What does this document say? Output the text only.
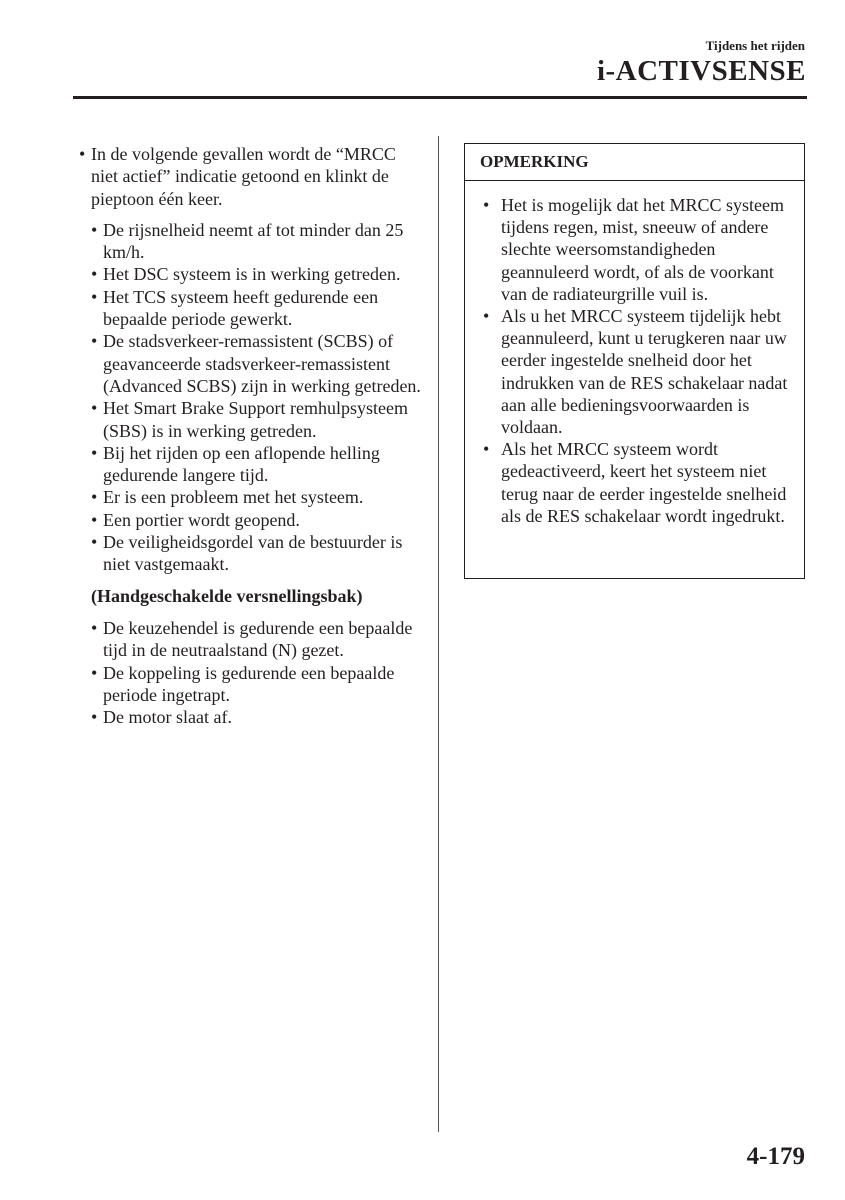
Tijdens het rijden

i-ACTIVSENSE
• In de volgende gevallen wordt de “MRCC niet actief” indicatie getoond en klinkt de pieptoon één keer.
• De rijsnelheid neemt af tot minder dan 25 km/h.
• Het DSC systeem is in werking getreden.
• Het TCS systeem heeft gedurende een bepaalde periode gewerkt.
• De stadsverkeer-remassistent (SCBS) of geavanceerde stadsverkeer-remassistent (Advanced SCBS) zijn in werking getreden.
• Het Smart Brake Support remhulpsysteem (SBS) is in werking getreden.
• Bij het rijden op een aflopende helling gedurende langere tijd.
• Er is een probleem met het systeem.
• Een portier wordt geopend.
• De veiligheidsgordel van de bestuurder is niet vastgemaakt.

(Handgeschakelde versnellingsbak)

• De keuzehendel is gedurende een bepaalde tijd in de neutraalstand (N) gezet.
• De koppeling is gedurende een bepaalde periode ingetrapt.
• De motor slaat af.

OPMERKING

• Het is mogelijk dat het MRCC systeem tijdens regen, mist, sneeuw of andere slechte weersomstandigheden geannuleerd wordt, of als de voorkant van de radiateurgrille vuil is.
• Als u het MRCC systeem tijdelijk hebt geannuleerd, kunt u terugkeren naar uw eerder ingestelde snelheid door het indrukken van de RES schakelaar nadat aan alle bedieningsvoorwaarden is voldaan.
• Als het MRCC systeem wordt gedeactiveerd, keert het systeem niet terug naar de eerder ingestelde snelheid als de RES schakelaar wordt ingedrukt.

4-179
